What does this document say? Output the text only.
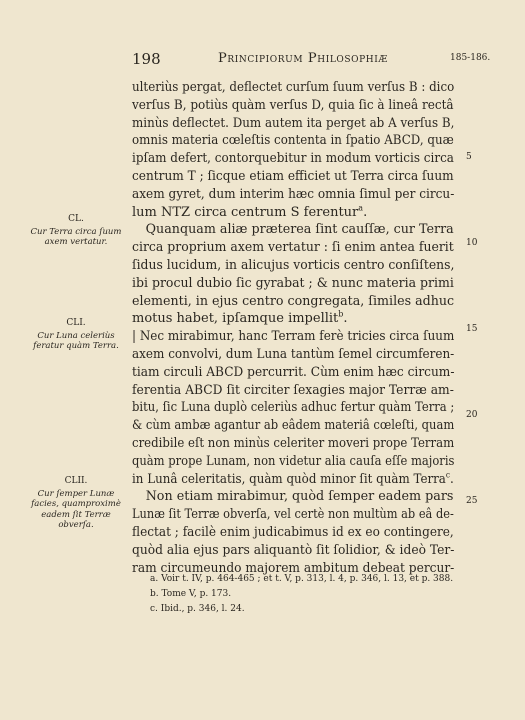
198	Principiorum Philosophiæ	185-186.
CL.
Cur Terra circa ſuum axem vertatur.
CLI.
Cur Luna celeriùs feratur quàm Terra.
CLII.
Cur ſemper Lunæ facies, quamproximè eadem ſit Terræ obverſa.
5
10
15
20
25

ulteriùs pergat, deflectet curſum ſuum verſus B : dico
verſus B, potiùs quàm verſus D, quia ſic à lineâ rectâ
minùs deflectet. Dum autem ita perget ab A verſus B,
omnis materia cœleſtis contenta in ſpatio ABCD, quæ
ipſam defert, contorquebitur in modum vorticis circa
centrum T ; ſicque etiam efficiet ut Terra circa ſuum
axem gyret, dum interim hæc omnia ſimul per circu-
lum NTZ circa centrum S ferentur$^a$.

Quanquam aliæ præterea ſint cauſſæ, cur Terra
circa proprium axem vertatur : ſi enim antea fuerit
ſidus lucidum, in alicujus vorticis centro conſiſtens,
ibi procul dubio ſic gyrabat ; & nunc materia primi
elementi, in ejus centro congregata, ſimiles adhuc
motus habet, ipſamque impellit$^b$.

| Nec mirabimur, hanc Terram ferè tricies circa ſuum
axem convolvi, dum Luna tantùm ſemel circumferen-
tiam circuli ABCD percurrit. Cùm enim hæc circum-
ferentia ABCD ſit circiter ſexagies major Terræ am-
bitu, ſic Luna duplò celeriùs adhuc fertur quàm Terra ;
& cùm ambæ agantur ab eâdem materiâ cœleſti, quam
credibile eſt non minùs celeriter moveri prope Terram
quàm prope Lunam, non videtur alia cauſa eſſe majoris
in Lunâ celeritatis, quàm quòd minor ſit quàm Terra$^c$.

Non etiam mirabimur, quòd ſemper eadem pars
Lunæ ſit Terræ obverſa, vel certè non multùm ab eâ de-
flectat ; facilè enim judicabimus id ex eo contingere,
quòd alia ejus pars aliquantò ſit ſolidior, & ideò Ter-
ram circumeundo majorem ambitum debeat percur-

a. Voir t. IV, p. 464-465 ; et t. V, p. 313, l. 4, p. 346, l. 13, et p. 388.
b. Tome V, p. 173.
c. Ibid., p. 346, l. 24.
